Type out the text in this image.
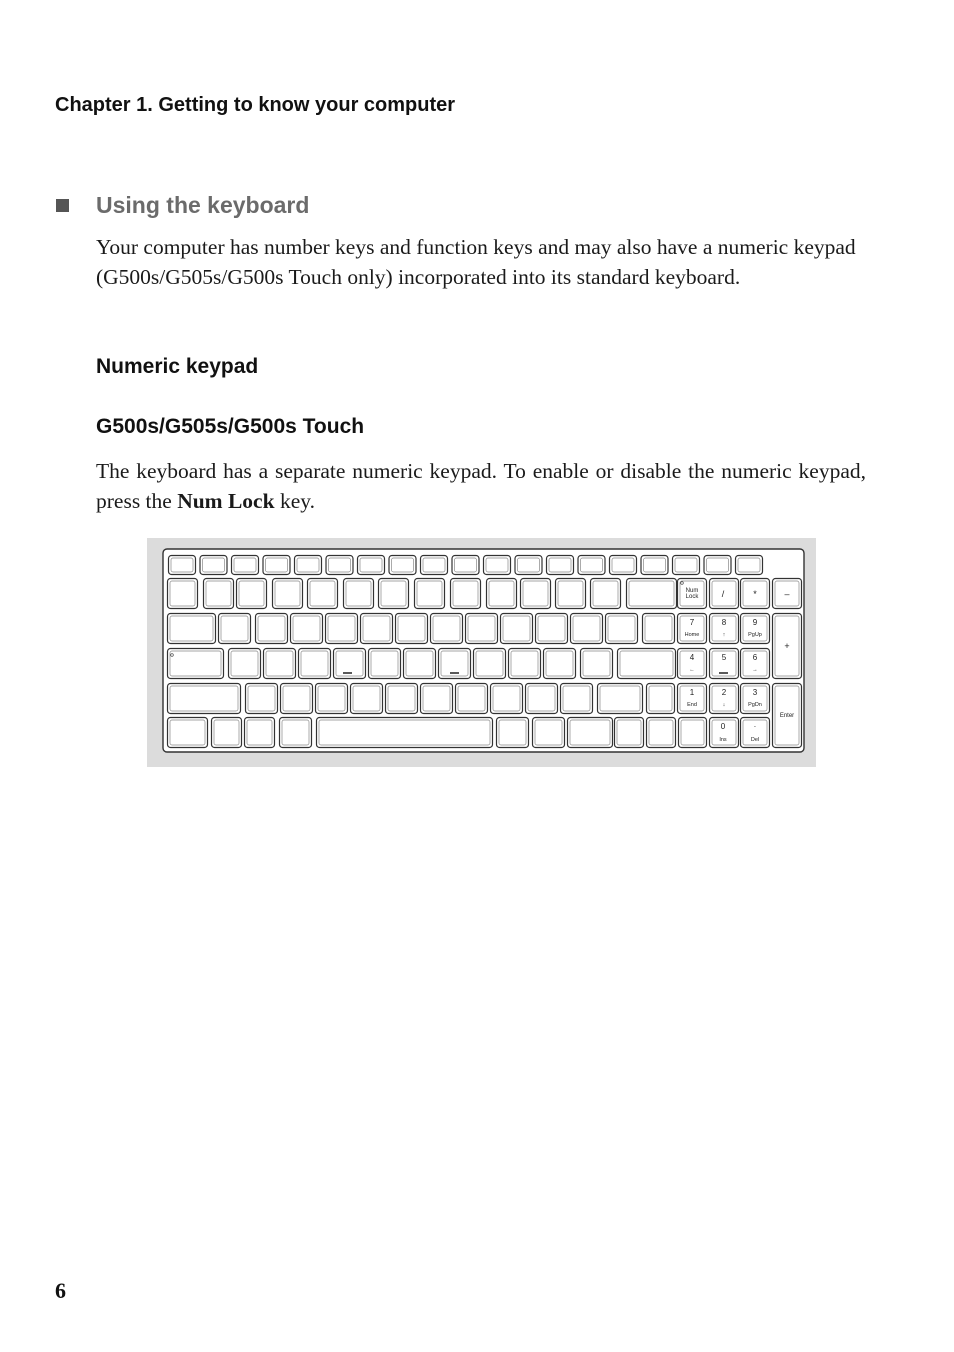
Chapter 1. Getting to know your computer
Using the keyboard

Your computer has number keys and function keys and may also have a numeric keypad (G500s/G505s/G500s Touch only) incorporated into its standard keyboard.

Numeric keypad
G500s/G505s/G500s Touch

The keyboard has a separate numeric keypad. To enable or disable the numeric keypad, press the Num Lock key.

Num
Lock	/	*	–
7
Home
8
↑
9
PgUp
4
←
5	6
→
1
End
2
↓
3
PgDn
+
Enter
0
Ins
·
Del

6
